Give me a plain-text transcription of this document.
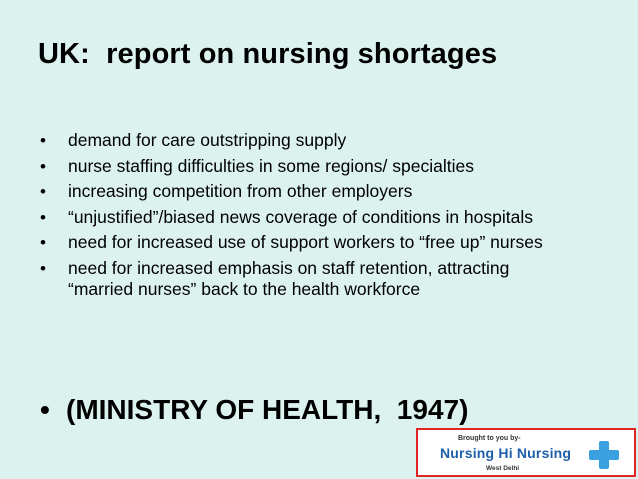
UK:  report on nursing shortages
• demand for care outstripping supply
• nurse staffing difficulties in some regions/ specialties
• increasing competition from other employers
• “unjustified”/biased news coverage of conditions in hospitals
• need for increased use of support workers to “free up” nurses
• need for increased emphasis on staff retention, attracting “married nurses” back to the health workforce
• (MINISTRY OF HEALTH,  1947)
Brought to you by-
Nursing Hi Nursing
West Delhi
